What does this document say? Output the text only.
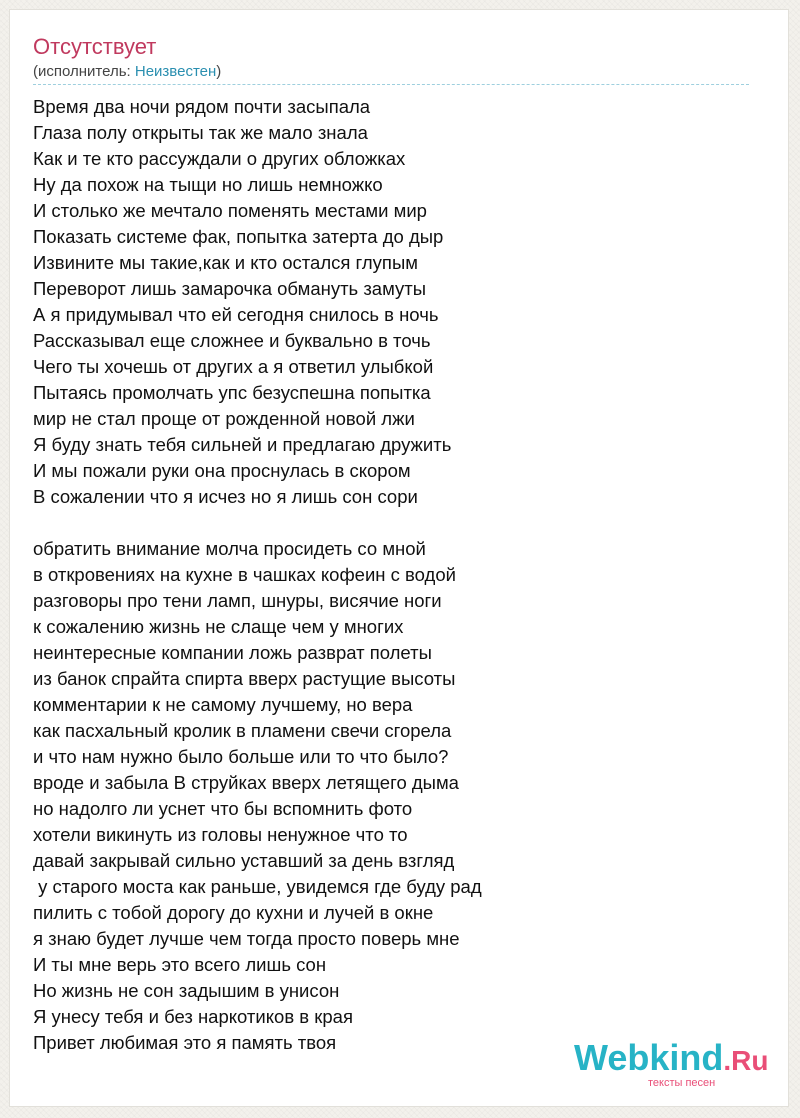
Отсутствует
(исполнитель: Неизвестен)
Время два ночи рядом почти засыпала
Глаза полу открыты так же мало знала
Как и те кто рассуждали о других обложках
Ну да похож на тыщи но лишь немножко
И столько же мечтало поменять местами мир
Показать системе фак, попытка затерта до дыр
Извините мы такие,как и кто остался глупым
Переворот лишь замарочка обмануть замуты
А я придумывал что ей сегодня снилось в ночь
Рассказывал еще сложнее и буквально в точь
Чего ты хочешь от других а я ответил улыбкой
Пытаясь промолчать упс безуспешна попытка
мир не стал проще от рожденной новой лжи
Я буду знать тебя сильней и предлагаю дружить
И мы пожали руки она проснулась в скором
В сожалении что я исчез но я лишь сон сори
обратить внимание молча просидеть со мной
в откровениях на кухне в чашках кофеин с водой
разговоры про тени ламп, шнуры, висячие ноги
к сожалению жизнь не слаще чем у многих
неинтересные компании ложь разврат полеты
из банок спрайта спирта вверх растущие высоты
комментарии к не самому лучшему, но вера
как пасхальный кролик в пламени свечи сгорела
и что нам нужно было больше или то что было?
вроде и забыла В струйках вверх летящего дыма
но надолго ли уснет что бы вспомнить фото
хотели викинуть из головы ненужное что то
давай закрывай сильно уставший за день взгляд
у старого моста как раньше, увидемся где буду рад
пилить с тобой дорогу до кухни и лучей в окне
я знаю будет лучше чем тогда просто поверь мне
И ты мне верь это всего лишь сон
Но жизнь не сон задышим в унисон
Я унесу тебя и без наркотиков в края
Привет любимая это я память твоя	Webkind.Ru
тексты песен
